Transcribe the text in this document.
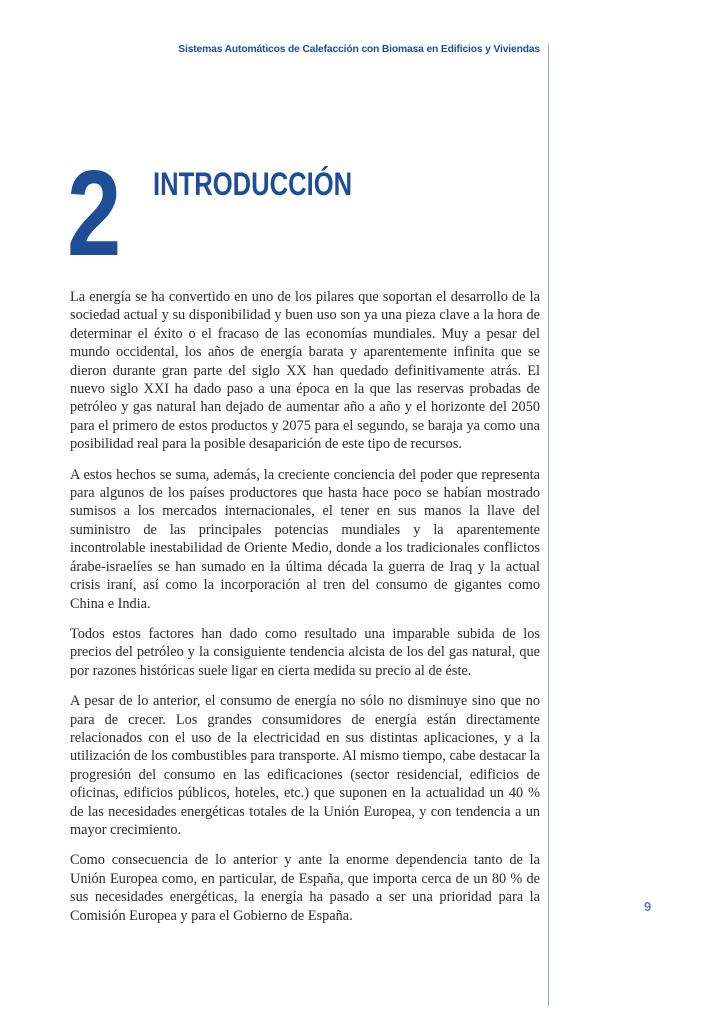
Sistemas Automáticos de Calefacción con Biomasa en Edificios y Viviendas
2 INTRODUCCIÓN

La energía se ha convertido en uno de los pilares que soportan el desarrollo de la sociedad actual y su disponibilidad y buen uso son ya una pieza clave a la hora de determinar el éxito o el fracaso de las economías mundiales. Muy a pesar del mundo occidental, los años de energía barata y aparentemente infinita que se dieron durante gran parte del siglo XX han quedado definitivamente atrás. El nuevo siglo XXI ha dado paso a una época en la que las reservas probadas de petróleo y gas natural han dejado de aumentar año a año y el horizonte del 2050 para el primero de estos productos y 2075 para el segundo, se baraja ya como una posibilidad real para la posible desaparición de este tipo de recursos.

A estos hechos se suma, además, la creciente conciencia del poder que representa para algunos de los países productores que hasta hace poco se habían mostrado sumisos a los mercados internacionales, el tener en sus manos la llave del suministro de las principales potencias mundiales y la aparentemente incontrolable inestabilidad de Oriente Medio, donde a los tradicionales conflictos árabe-israelíes se han sumado en la última década la guerra de Iraq y la actual crisis iraní, así como la incorporación al tren del consumo de gigantes como China e India.

Todos estos factores han dado como resultado una imparable subida de los precios del petróleo y la consiguiente tendencia alcista de los del gas natural, que por razones históricas suele ligar en cierta medida su precio al de éste.

A pesar de lo anterior, el consumo de energía no sólo no disminuye sino que no para de crecer. Los grandes consumidores de energía están directamente relacionados con el uso de la electricidad en sus distintas aplicaciones, y a la utilización de los combustibles para transporte. Al mismo tiempo, cabe destacar la progresión del consumo en las edificaciones (sector residencial, edificios de oficinas, edificios públicos, hoteles, etc.) que suponen en la actualidad un 40 % de las necesidades energéticas totales de la Unión Europea, y con tendencia a un mayor crecimiento.

Como consecuencia de lo anterior y ante la enorme dependencia tanto de la Unión Europea como, en particular, de España, que importa cerca de un 80 % de sus necesidades energéticas, la energía ha pasado a ser una prioridad para la Comisión Europea y para el Gobierno de España.

9
